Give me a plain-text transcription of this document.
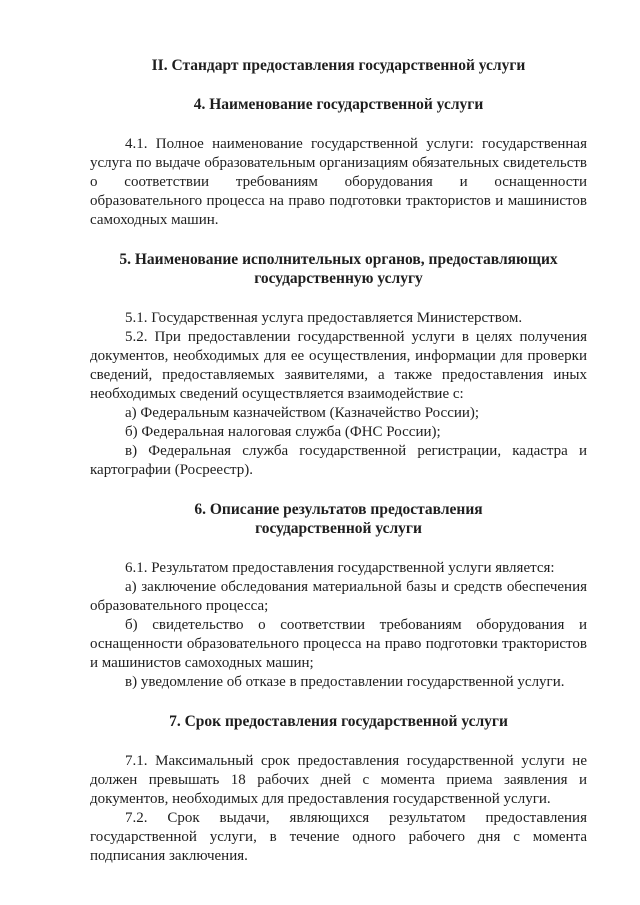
II. Стандарт предоставления государственной услуги
4. Наименование государственной услуги

4.1. Полное наименование государственной услуги: государственная услуга по выдаче образовательным организациям обязательных свидетельств о соответствии требованиям оборудования и оснащенности образовательного процесса на право подготовки трактористов и машинистов самоходных машин.

5. Наименование исполнительных органов, предоставляющих
государственную услугу

5.1. Государственная услуга предоставляется Министерством.

5.2. При предоставлении государственной услуги в целях получения документов, необходимых для ее осуществления, информации для проверки сведений, предоставляемых заявителями, а также предоставления иных необходимых сведений осуществляется взаимодействие с:

а) Федеральным казначейством (Казначейство России);

б) Федеральная налоговая служба (ФНС России);

в) Федеральная служба государственной регистрации, кадастра и картографии (Росреестр).

6. Описание результатов предоставления
государственной услуги

6.1. Результатом предоставления государственной услуги является:

а) заключение обследования материальной базы и средств обеспечения образовательного процесса;

б) свидетельство о соответствии требованиям оборудования и оснащенности образовательного процесса на право подготовки трактористов и машинистов самоходных машин;

в) уведомление об отказе в предоставлении государственной услуги.

7. Срок предоставления государственной услуги

7.1. Максимальный срок предоставления государственной услуги не должен превышать 18 рабочих дней с момента приема заявления и документов, необходимых для предоставления государственной услуги.

7.2. Срок выдачи, являющихся результатом предоставления государственной услуги, в течение одного рабочего дня с момента подписания заключения.
